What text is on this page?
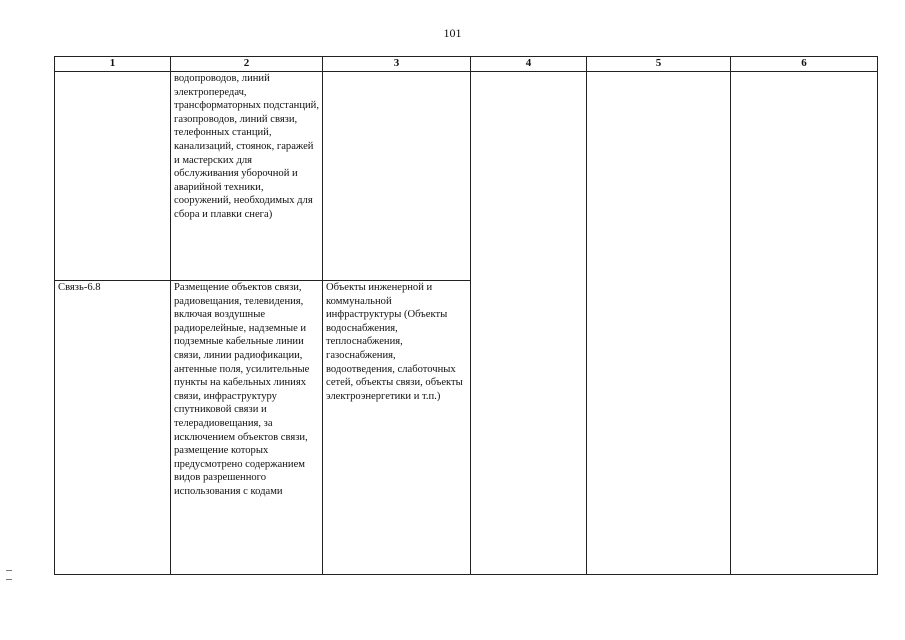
101
1	2	3	4	5	6
	водопроводов, линий электропередач, трансформаторных подстанций, газопроводов, линий связи, телефонных станций, канализаций, стоянок, гаражей и мастерских для обслуживания уборочной и аварийной техники, сооружений, необходимых для сбора и плавки снега)				
Связь-6.8	Размещение объектов связи, радиовещания, телевидения, включая воздушные радиорелейные, надземные и подземные кабельные линии связи, линии радиофикации, антенные поля, усилительные пункты на кабельных линиях связи, инфраструктуру спутниковой связи и телерадиовещания, за исключением объектов связи, размещение которых предусмотрено содержанием видов разрешенного использования с кодами	Объекты инженерной и коммунальной инфраструктуры (Объекты водоснабжения, теплоснабжения, газоснабжения, водоотведения, слаботочных сетей, объекты связи, объекты электроэнергетики и т.п.)			
